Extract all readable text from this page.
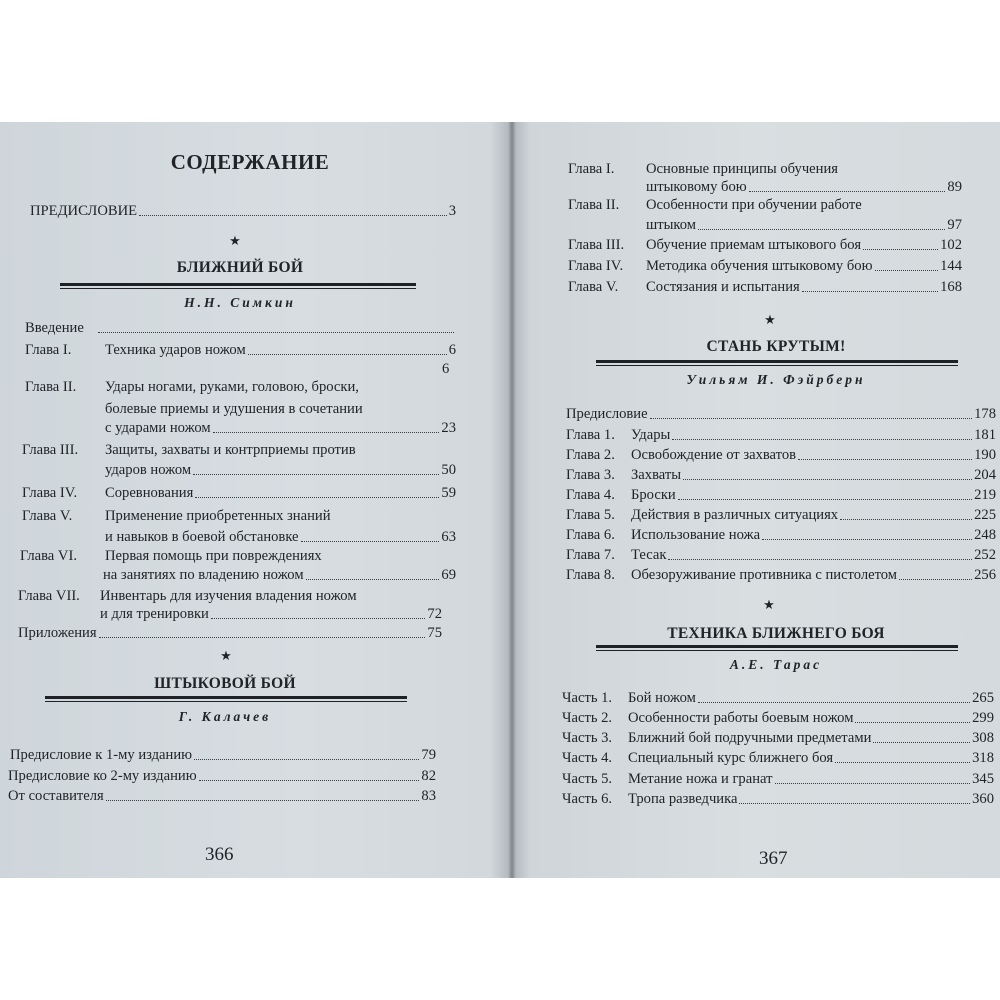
СОДЕРЖАНИЕ
ПРЕДИСЛОВИЕ	3
★
БЛИЖНИЙ БОЙ
Н.Н. Симкин
Введение
Глава I.	Техника ударов ножом	6
6
Глава II.	Удары ногами, руками, головою, броски,
болевые приемы и удушения в сочетании
с ударами ножом	23
Глава III.	Защиты, захваты и контрприемы против
ударов ножом	50
Глава IV.	Соревнования	59
Глава V.	Применение приобретенных знаний
и навыков в боевой обстановке	63
Глава VI.	Первая помощь при повреждениях
на занятиях по владению ножом	69
Глава VII.	Инвентарь для изучения владения ножом
и для тренировки	72
Приложения	75
★
ШТЫКОВОЙ БОЙ
Г. Калачев
Предисловие к 1-му изданию	79
Предисловие ко 2-му изданию	82
От составителя	83
366
Глава I.	Основные принципы обучения
штыковому бою	89
Глава II.	Особенности при обучении работе
штыком	97
Глава III.	Обучение приемам штыкового боя	102
Глава IV.	Методика обучения штыковому бою	144
Глава V.	Состязания и испытания	168
★
СТАНЬ КРУТЫМ!
Уильям И. Фэйрберн
Предисловие	178
Глава 1.	Удары	181
Глава 2.	Освобождение от захватов	190
Глава 3.	Захваты	204
Глава 4.	Броски	219
Глава 5.	Действия в различных ситуациях	225
Глава 6.	Использование ножа	248
Глава 7.	Тесак	252
Глава 8.	Обезоруживание противника с пистолетом	256
★
ТЕХНИКА БЛИЖНЕГО БОЯ
А.Е. Тарас
Часть 1.	Бой ножом	265
Часть 2.	Особенности работы боевым ножом	299
Часть 3.	Ближний бой подручными предметами	308
Часть 4.	Специальный курс ближнего боя	318
Часть 5.	Метание ножа и гранат	345
Часть 6.	Тропа разведчика	360
367
